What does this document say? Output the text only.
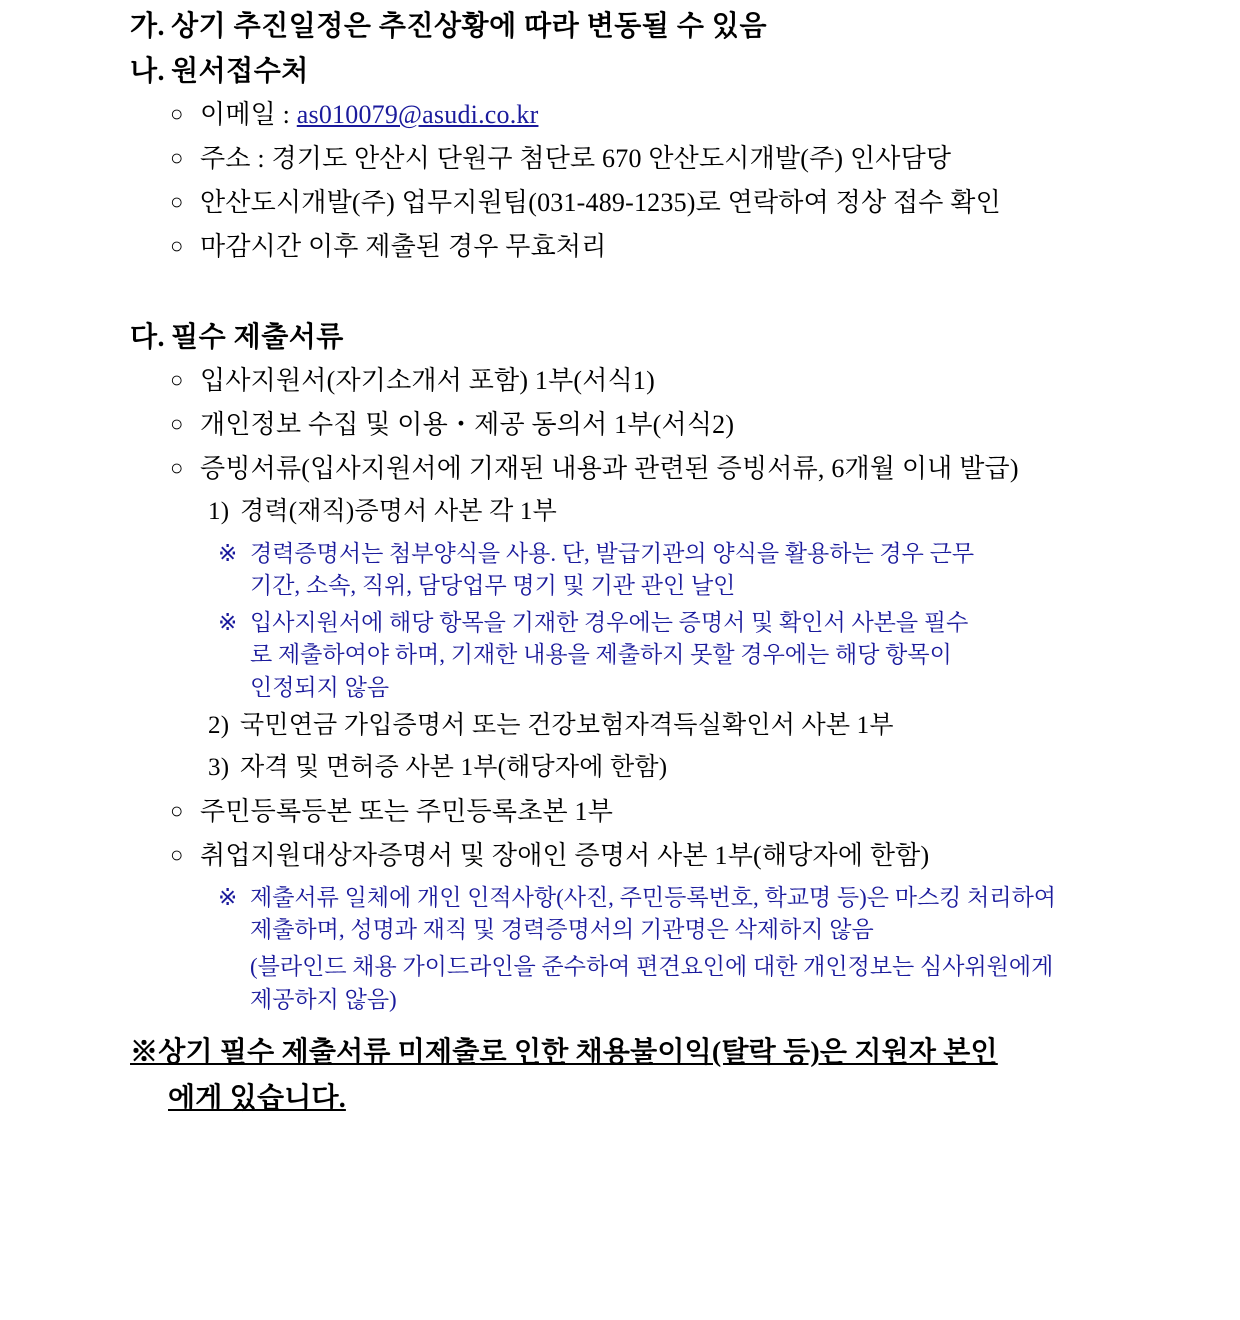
가. 상기 추진일정은 추진상황에 따라 변동될 수 있음
나. 원서접수처
○ 이메일 : as010079@asudi.co.kr
○ 주소 : 경기도 안산시 단원구 첨단로 670 안산도시개발(주) 인사담당
○ 안산도시개발(주) 업무지원팀(031-489-1235)로 연락하여 정상 접수 확인
○ 마감시간 이후 제출된 경우 무효처리
다. 필수 제출서류
○ 입사지원서(자기소개서 포함) 1부(서식1)
○ 개인정보 수집 및 이용・제공 동의서 1부(서식2)
○ 증빙서류(입사지원서에 기재된 내용과 관련된 증빙서류, 6개월 이내 발급)
1) 경력(재직)증명서 사본 각 1부
※ 경력증명서는 첨부양식을 사용. 단, 발급기관의 양식을 활용하는 경우 근무
기간, 소속, 직위, 담당업무 명기 및 기관 관인 날인
※ 입사지원서에 해당 항목을 기재한 경우에는 증명서 및 확인서 사본을 필수
로 제출하여야 하며, 기재한 내용을 제출하지 못할 경우에는 해당 항목이
인정되지 않음
2) 국민연금 가입증명서 또는 건강보험자격득실확인서 사본 1부
3) 자격 및 면허증 사본 1부(해당자에 한함)
○ 주민등록등본 또는 주민등록초본 1부
○ 취업지원대상자증명서 및 장애인 증명서 사본 1부(해당자에 한함)
※ 제출서류 일체에 개인 인적사항(사진, 주민등록번호, 학교명 등)은 마스킹 처리하여
제출하며, 성명과 재직 및 경력증명서의 기관명은 삭제하지 않음
(블라인드 채용 가이드라인을 준수하여 편견요인에 대한 개인정보는 심사위원에게
제공하지 않음)
※상기 필수 제출서류 미제출로 인한 채용불이익(탈락 등)은 지원자 본인
에게 있습니다.
